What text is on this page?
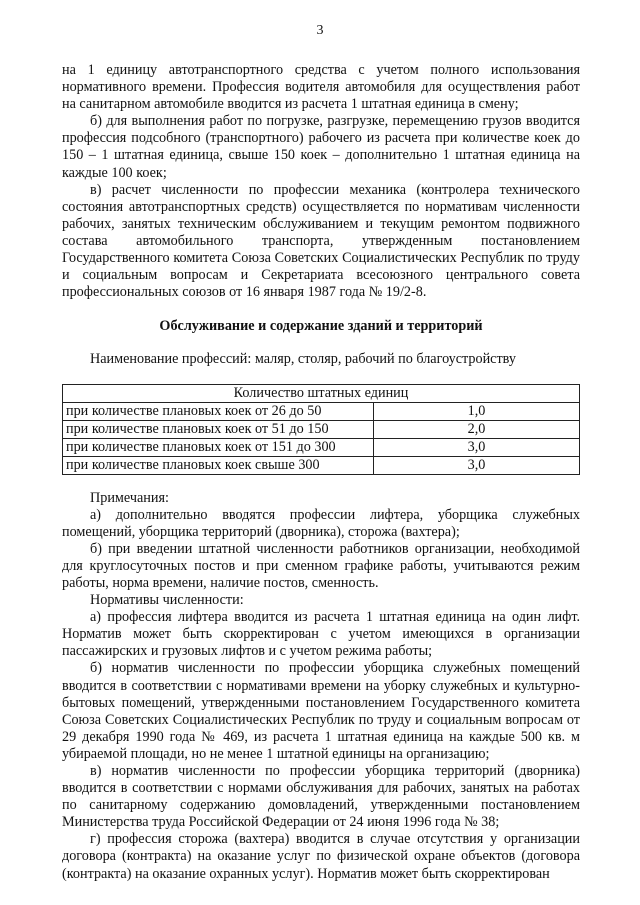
3

на 1 единицу автотранспортного средства с учетом полного использования нормативного времени. Профессия водителя автомобиля для осуществления работ на санитарном автомобиле вводится из расчета 1 штатная единица в смену;

б) для выполнения работ по погрузке, разгрузке, перемещению грузов вводится профессия подсобного (транспортного) рабочего из расчета при количестве коек до 150 – 1 штатная единица, свыше 150 коек – дополнительно 1 штатная единица на каждые 100 коек;

в) расчет численности по профессии механика (контролера технического состояния автотранспортных средств) осуществляется по нормативам численности рабочих, занятых техническим обслуживанием и текущим ремонтом подвижного состава автомобильного транспорта, утвержденным постановлением Государственного комитета Союза Советских Социалистических Республик по труду и социальным вопросам и Секретариата всесоюзного центрального совета профессиональных союзов от 16 января 1987 года № 19/2-8.

Обслуживание и содержание зданий и территорий

Наименование профессий: маляр, столяр, рабочий по благоустройству

Количество штатных единиц	
при количестве плановых коек от 26 до 50	1,0
при количестве плановых коек от 51 до 150	2,0
при количестве плановых коек от 151 до 300	3,0
при количестве плановых коек свыше 300	3,0

Примечания:

а) дополнительно вводятся профессии лифтера, уборщика служебных помещений, уборщика территорий (дворника), сторожа (вахтера);

б) при введении штатной численности работников организации, необходимой для круглосуточных постов и при сменном графике работы, учитываются режим работы, норма времени, наличие постов, сменность.

Нормативы численности:

а) профессия лифтера вводится из расчета 1 штатная единица на один лифт. Норматив может быть скорректирован с учетом имеющихся в организации пассажирских и грузовых лифтов и с учетом режима работы;

б) норматив численности по профессии уборщика служебных помещений вводится в соответствии с нормативами времени на уборку служебных и культурно-бытовых помещений, утвержденными постановлением Государственного комитета Союза Советских Социалистических Республик по труду и социальным вопросам от 29 декабря 1990 года № 469, из расчета 1 штатная единица на каждые 500 кв. м убираемой площади, но не менее 1 штатной единицы на организацию;

в) норматив численности по профессии уборщика территорий (дворника) вводится в соответствии с нормами обслуживания для рабочих, занятых на работах по санитарному содержанию домовладений, утвержденными постановлением Министерства труда Российской Федерации от 24 июня 1996 года № 38;

г) профессия сторожа (вахтера) вводится в случае отсутствия у организации договора (контракта) на оказание услуг по физической охране объектов (договора (контракта) на оказание охранных услуг). Норматив может быть скорректирован
